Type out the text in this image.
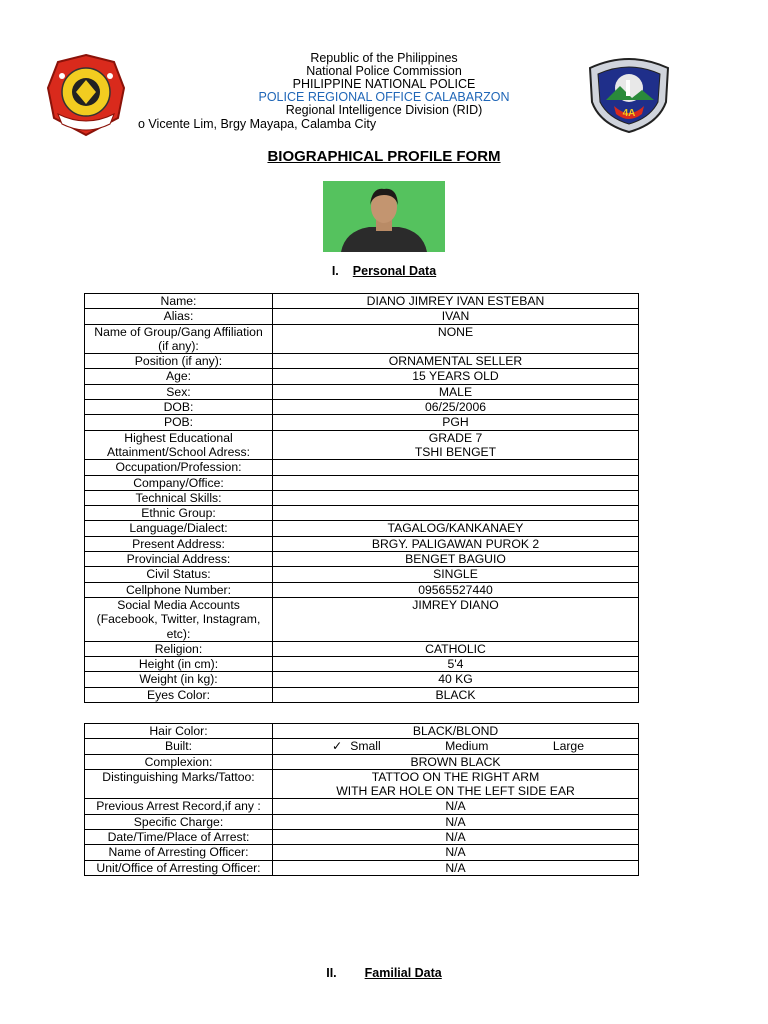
4A
Republic of the Philippines
National Police Commission
PHILIPPINE NATIONAL POLICE
POLICE REGIONAL OFFICE CALABARZON
Regional Intelligence Division (RID)
o Vicente Lim, Brgy Mayapa, Calamba City
BIOGRAPHICAL PROFILE FORM
I. Personal Data
Name:	DIANO JIMREY IVAN ESTEBAN
Alias:	IVAN
Name of Group/Gang Affiliation (if any):	NONE
Position (if any):	ORNAMENTAL SELLER
Age:	15 YEARS OLD
Sex:	MALE
DOB:	06/25/2006
POB:	PGH
Highest Educational Attainment/School Adress:	GRADE 7
TSHI BENGET
Occupation/Profession:	
Company/Office:	
Technical Skills:	
Ethnic Group:	
Language/Dialect:	TAGALOG/KANKANAEY
Present Address:	BRGY. PALIGAWAN PUROK 2
Provincial Address:	BENGET BAGUIO
Civil Status:	SINGLE
Cellphone Number:	09565527440
Social Media Accounts (Facebook, Twitter, Instagram, etc):	JIMREY DIANO
Religion:	CATHOLIC
Height (in cm):	5'4
Weight (in kg):	40 KG
Eyes Color:	BLACK
Hair Color:	BLACK/BLOND
Built:	✓ Small Medium Large

Complexion:	BROWN BLACK
Distinguishing Marks/Tattoo:	TATTOO ON THE RIGHT ARM
WITH EAR HOLE ON THE LEFT SIDE EAR
Previous Arrest Record,if any :	N/A
Specific Charge:	N/A
Date/Time/Place of Arrest:	N/A
Name of Arresting Officer:	N/A
Unit/Office of Arresting Officer:	N/A
II. Familial Data
